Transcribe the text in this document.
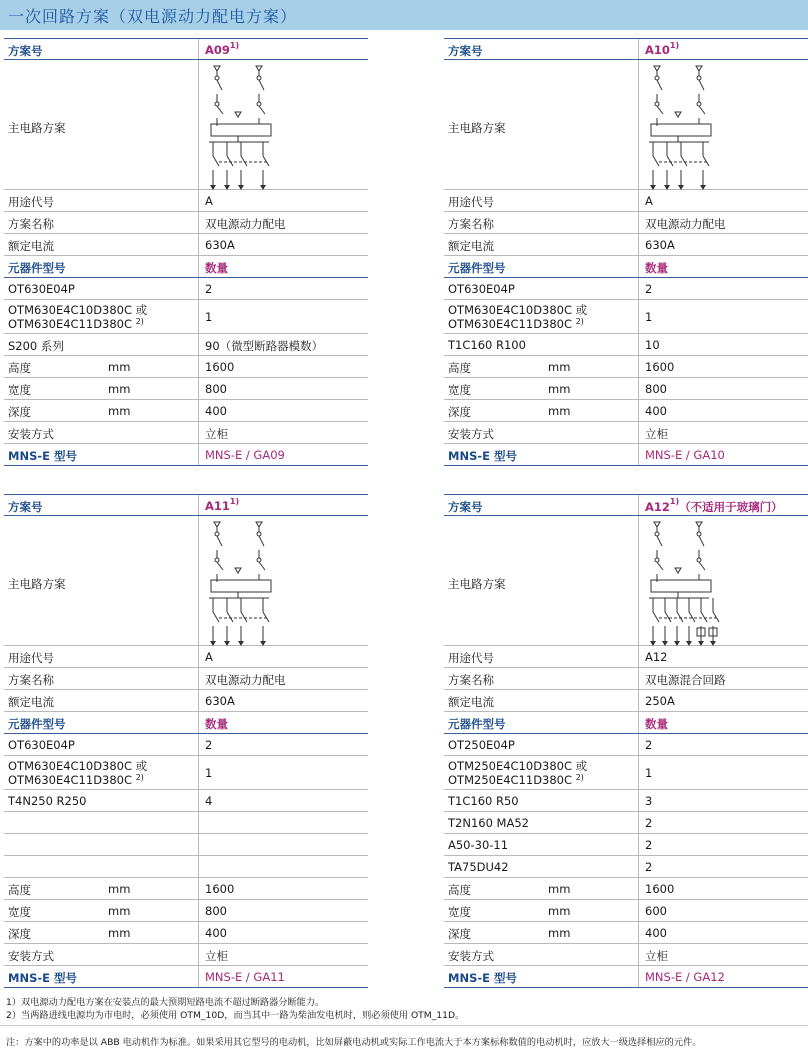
一次回路方案（双电源动力配电方案）
方案号	A09$^{1)}$
主电路方案
用途代号	A
方案名称	双电源动力配电
额定电流	630A
元器件型号	数量
OT630E04P	2
OTM630E4C10D380C 或
OTM630E4C11D380C $^{2)}$	1
S200 系列	90（微型断路器模数）
高度	mm	1600
宽度	mm	800
深度	mm	400
安装方式	立柜
MNS-E 型号	MNS-E / GA09
方案号	A10$^{1)}$
主电路方案
用途代号	A
方案名称	双电源动力配电
额定电流	630A
元器件型号	数量
OT630E04P	2
OTM630E4C10D380C 或
OTM630E4C11D380C $^{2)}$	1
T1C160 R100	10
高度	mm	1600
宽度	mm	800
深度	mm	400
安装方式	立柜
MNS-E 型号	MNS-E / GA10
方案号	A11$^{1)}$
主电路方案
用途代号	A
方案名称	双电源动力配电
额定电流	630A
元器件型号	数量
OT630E04P	2
OTM630E4C10D380C 或
OTM630E4C11D380C $^{2)}$	1
T4N250 R250	4
高度	mm	1600
宽度	mm	800
深度	mm	400
安装方式	立柜
MNS-E 型号	MNS-E / GA11
方案号	A12$^{1)}$（不适用于玻璃门）
主电路方案
用途代号	A12
方案名称	双电源混合回路
额定电流	250A
元器件型号	数量
OT250E04P	2
OTM250E4C10D380C 或
OTM250E4C11D380C $^{2)}$	1
T1C160 R50	3
T2N160 MA52	2
A50-30-11	2
TA75DU42	2
高度	mm	1600
宽度	mm	600
深度	mm	400
安装方式	立柜
MNS-E 型号	MNS-E / GA12
1）双电源动力配电方案在安装点的最大预期短路电流不超过断路器分断能力。
2）当两路进线电源均为市电时，必须使用 OTM_10D，而当其中一路为柴油发电机时，则必须使用 OTM_11D。
注：方案中的功率是以 ABB 电动机作为标准。如果采用其它型号的电动机，比如屏蔽电动机或实际工作电流大于本方案标称数值的电动机时，应放大一级选择相应的元件。
